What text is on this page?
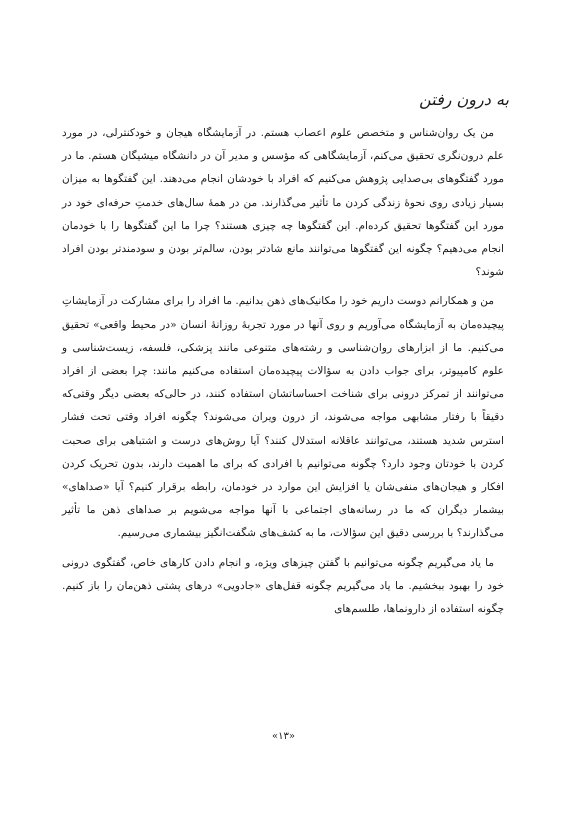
به درون رفتن

من یک روان‌شناس و متخصص علوم اعصاب هستم. در آزمایشگاه هیجان و خودکنترلی، در مورد علم درون‌نگری تحقیق می‌کنم، آزمایشگاهی که مؤسس و مدیر آن در دانشگاه میشیگان هستم. ما در مورد گفتگوهای بی‌صدایی پژوهش می‌کنیم که افراد با خودشان انجام می‌دهند. این گفتگوها به میزان بسیار زیادی روی نحوهٔ زندگی کردن ما تأثیر می‌گذارند. من در همهٔ سال‌های خدمتِ حرفه‌ای خود در مورد این گفتگوها تحقیق کرده‌ام. این گفتگوها چه چیزی هستند؟ چرا ما این گفتگوها را با خودمان انجام می‌دهیم؟ چگونه این گفتگوها می‌توانند مانع شادتر بودن، سالم‌تر بودن و سودمندتر بودن افراد شوند؟

من و همکارانم دوست داریم خود را مکانیک‌های ذهن بدانیم. ما افراد را برای مشارکت در آزمایشاتِ پیچیده‌مان به آزمایشگاه می‌آوریم و روی آنها در مورد تجربهٔ روزانهٔ انسان «در محیط واقعی» تحقیق می‌کنیم. ما از ابزارهای روان‌شناسی و رشته‌های متنوعی مانند پزشکی، فلسفه، زیست‌شناسی و علوم کامپیوتر، برای جواب دادن به سؤالات پیچیده‌مان استفاده می‌کنیم مانند: چرا بعضی از افراد می‌توانند از تمرکز درونی برای شناخت احساساتشان استفاده کنند، در حالی‌که بعضی دیگر وقتی‌که دقیقاً با رفتار مشابهی مواجه می‌شوند، از درون ویران می‌شوند؟ چگونه افراد وقتی تحت فشار استرس شدید هستند، می‌توانند عاقلانه استدلال کنند؟ آیا روش‌های درست و اشتباهی برای صحبت کردن با خودتان وجود دارد؟ چگونه می‌توانیم با افرادی که برای ما اهمیت دارند، بدون تحریک کردن افکار و هیجان‌های منفی‌شان یا افزایش این موارد در خودمان، رابطه برقرار کنیم؟ آیا «صداهای» بیشمار دیگران که ما در رسانه‌های اجتماعی با آنها مواجه می‌شویم بر صداهای ذهن ما تأثیر می‌گذارند؟ با بررسی دقیق این سؤالات، ما به کشف‌های شگفت‌انگیز بیشماری می‌رسیم.

ما یاد می‌گیریم چگونه می‌توانیم با گفتن چیزهای ویژه، و انجام دادن کارهای خاص، گفتگوی درونی خود را بهبود ببخشیم. ما یاد می‌گیریم چگونه قفل‌های «جادویی» درهای پشتی ذهن‌مان را باز کنیم. چگونه استفاده از دارونماها، طلسم‌های

«۱۳»
